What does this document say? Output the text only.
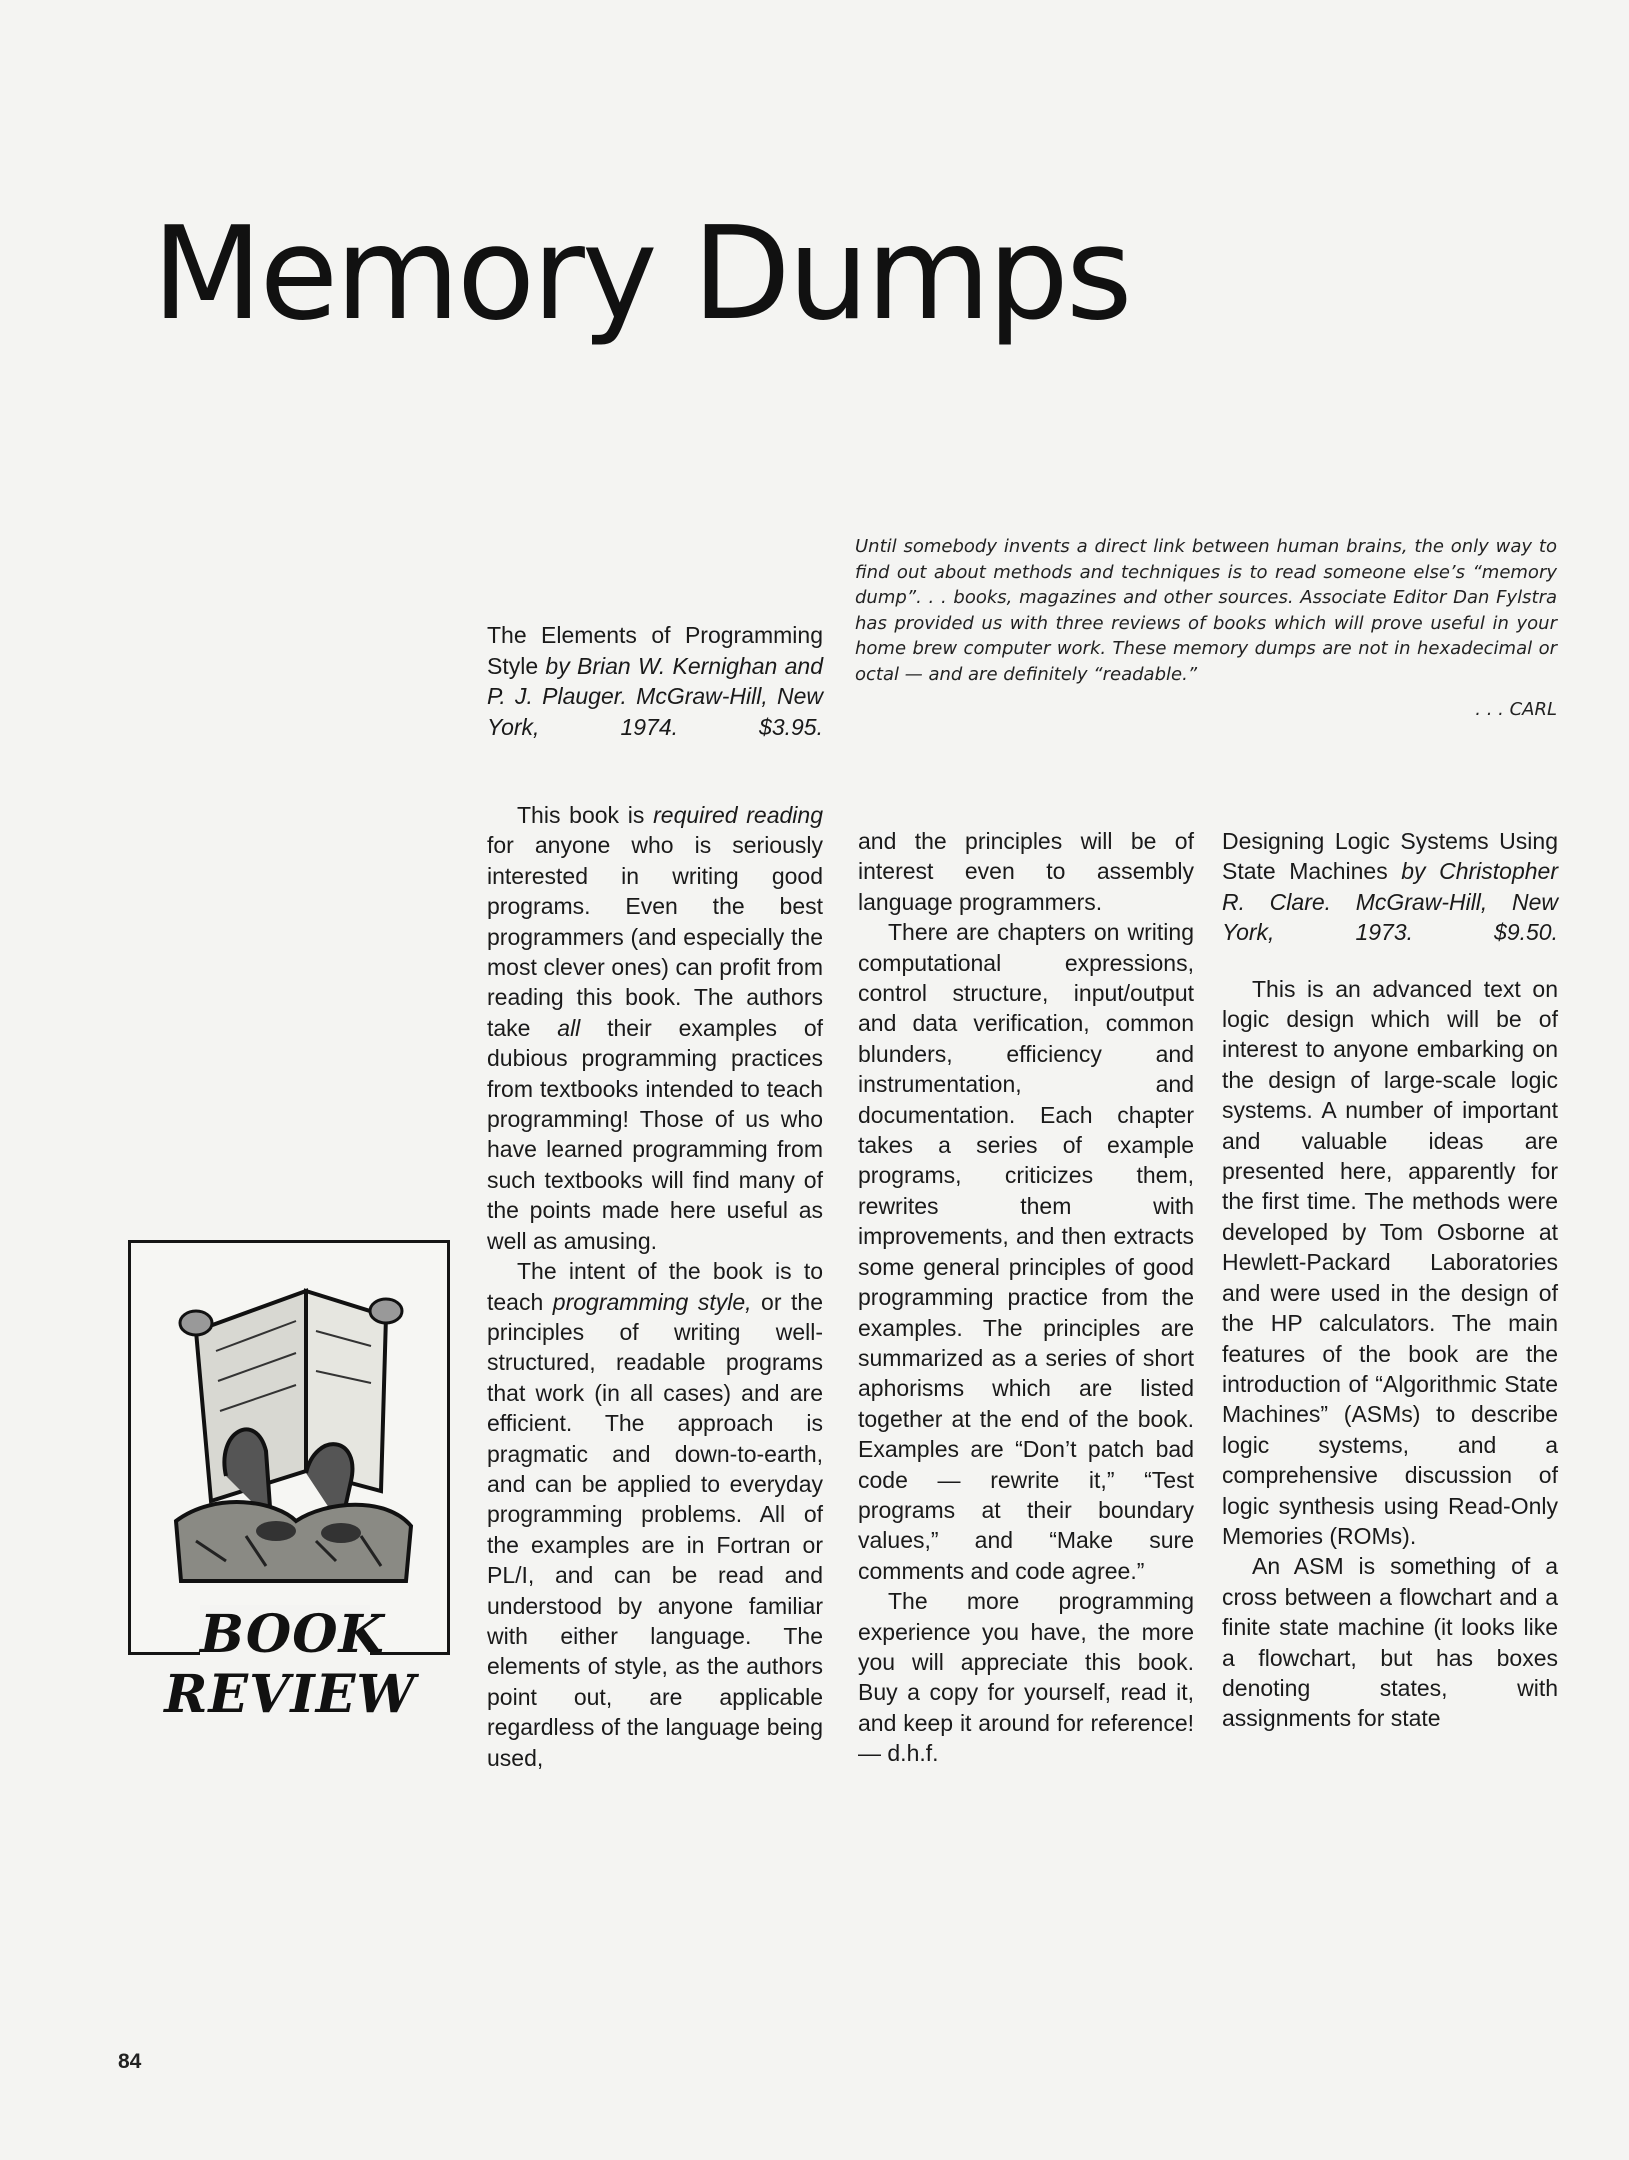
Memory Dumps

Until somebody invents a direct link between human brains, the only way to find out about methods and techniques is to read someone else’s “memory dump”. . . books, magazines and other sources. Associate Editor Dan Fylstra has provided us with three reviews of books which will prove useful in your home brew computer work. These memory dumps are not in hexadecimal or octal — and are definitely “readable.”

. . . CARL

The Elements of Programming Style by Brian W. Kernighan and P. J. Plauger. McGraw-Hill, New York, 1974. $3.95.

This book is required reading for anyone who is seriously interested in writing good programs. Even the best programmers (and especially the most clever ones) can profit from reading this book. The authors take all their examples of dubious programming practices from textbooks intended to teach programming! Those of us who have learned programming from such textbooks will find many of the points made here useful as well as amusing.

The intent of the book is to teach programming style, or the principles of writing well-structured, readable programs that work (in all cases) and are efficient. The approach is pragmatic and down-to-earth, and can be applied to everyday programming problems. All of the examples are in Fortran or PL/I, and can be read and understood by anyone familiar with either language. The elements of style, as the authors point out, are applicable regardless of the language being used,

and the principles will be of interest even to assembly language programmers.

There are chapters on writing computational expressions, control structure, input/output and data verification, common blunders, efficiency and instrumentation, and documentation. Each chapter takes a series of example programs, criticizes them, rewrites them with improvements, and then extracts some general principles of good programming practice from the examples. The principles are summarized as a series of short aphorisms which are listed together at the end of the book. Examples are “Don’t patch bad code — rewrite it,” “Test programs at their boundary values,” and “Make sure comments and code agree.”

The more programming experience you have, the more you will appreciate this book. Buy a copy for yourself, read it, and keep it around for reference! — d.h.f.

Designing Logic Systems Using State Machines by Christopher R. Clare. McGraw-Hill, New York, 1973. $9.50.

This is an advanced text on logic design which will be of interest to anyone embarking on the design of large-scale logic systems. A number of important and valuable ideas are presented here, apparently for the first time. The methods were developed by Tom Osborne at Hewlett-Packard Laboratories and were used in the design of the HP calculators. The main features of the book are the introduction of “Algorithmic State Machines” (ASMs) to describe logic systems, and a comprehensive discussion of logic synthesis using Read-Only Memories (ROMs).

An ASM is something of a cross between a flowchart and a finite state machine (it looks like a flowchart, but has boxes denoting states, with assignments for state

BOOK
REVIEW
84
